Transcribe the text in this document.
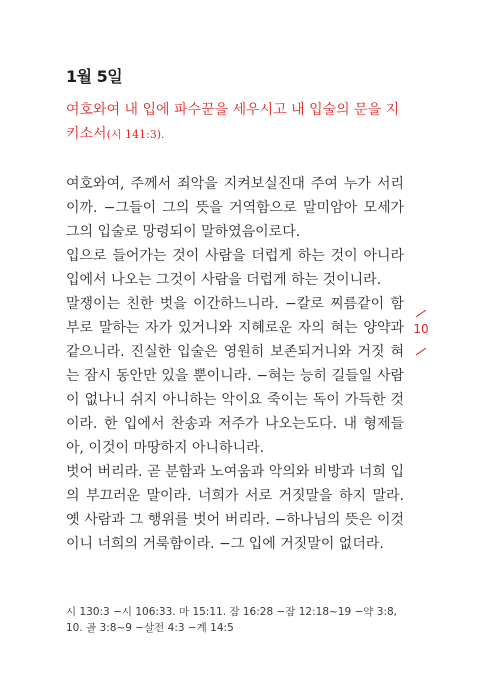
1월 5일
여호와여 내 입에 파수꾼을 세우시고 내 입술의 문을 지키소서(시 141:3).

여호와여, 주께서 죄악을 지켜보실진대 주여 누가 서리이까. −그들이 그의 뜻을 거역함으로 말미암아 모세가 그의 입술로 망령되이 말하였음이로다.

입으로 들어가는 것이 사람을 더럽게 하는 것이 아니라 입에서 나오는 그것이 사람을 더럽게 하는 것이니라.

말쟁이는 친한 벗을 이간하느니라. −칼로 찌름같이 함부로 말하는 자가 있거니와 지혜로운 자의 혀는 양약과 같으니라. 진실한 입술은 영원히 보존되거니와 거짓 혀는 잠시 동안만 있을 뿐이니라. −혀는 능히 길들일 사람이 없나니 쉬지 아니하는 악이요 죽이는 독이 가득한 것이라. 한 입에서 찬송과 저주가 나오는도다. 내 형제들아, 이것이 마땅하지 아니하니라.

벗어 버리라. 곧 분함과 노여움과 악의와 비방과 너희 입의 부끄러운 말이라. 너희가 서로 거짓말을 하지 말라. 옛 사람과 그 행위를 벗어 버리라. −하나님의 뜻은 이것이니 너희의 거룩함이라. −그 입에 거짓말이 없더라.

10
시 130:3 −시 106:33. 마 15:11. 잠 16:28 −잠 12:18~19 −약 3:8, 10. 골 3:8~9 −살전 4:3 −계 14:5
